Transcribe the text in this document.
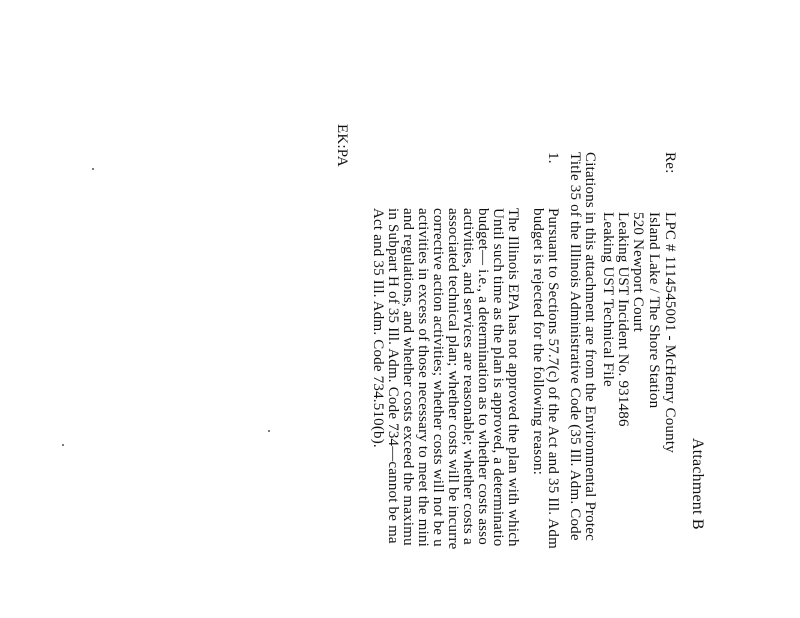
Attachment B
Re:
LPC # 1114545001 - McHenry County
Island Lake / The Shore Station
520 Newport Court
Leaking UST Incident No. 931486
Leaking UST Technical File
Citations in this attachment are from the Environmental Protec
Title 35 of the Illinois Administrative Code (35 Ill. Adm. Code
1.
Pursuant to Sections 57.7(c) of the Act and 35 Ill. Adm
budget is rejected for the following reason:
The Illinois EPA has not approved the plan with which
Until such time as the plan is approved, a determinatio
budget— i.e., a determination as to whether costs asso
activities, and services are reasonable; whether costs a
associated technical plan; whether costs will be incurre
corrective action activities; whether costs will not be u
activities in excess of those necessary to meet the mini
and regulations, and whether costs exceed the maximu
in Subpart H of 35 Ill. Adm. Code 734—cannot be ma
Act and 35 Ill. Adm. Code 734.510(b).
EK:PA
